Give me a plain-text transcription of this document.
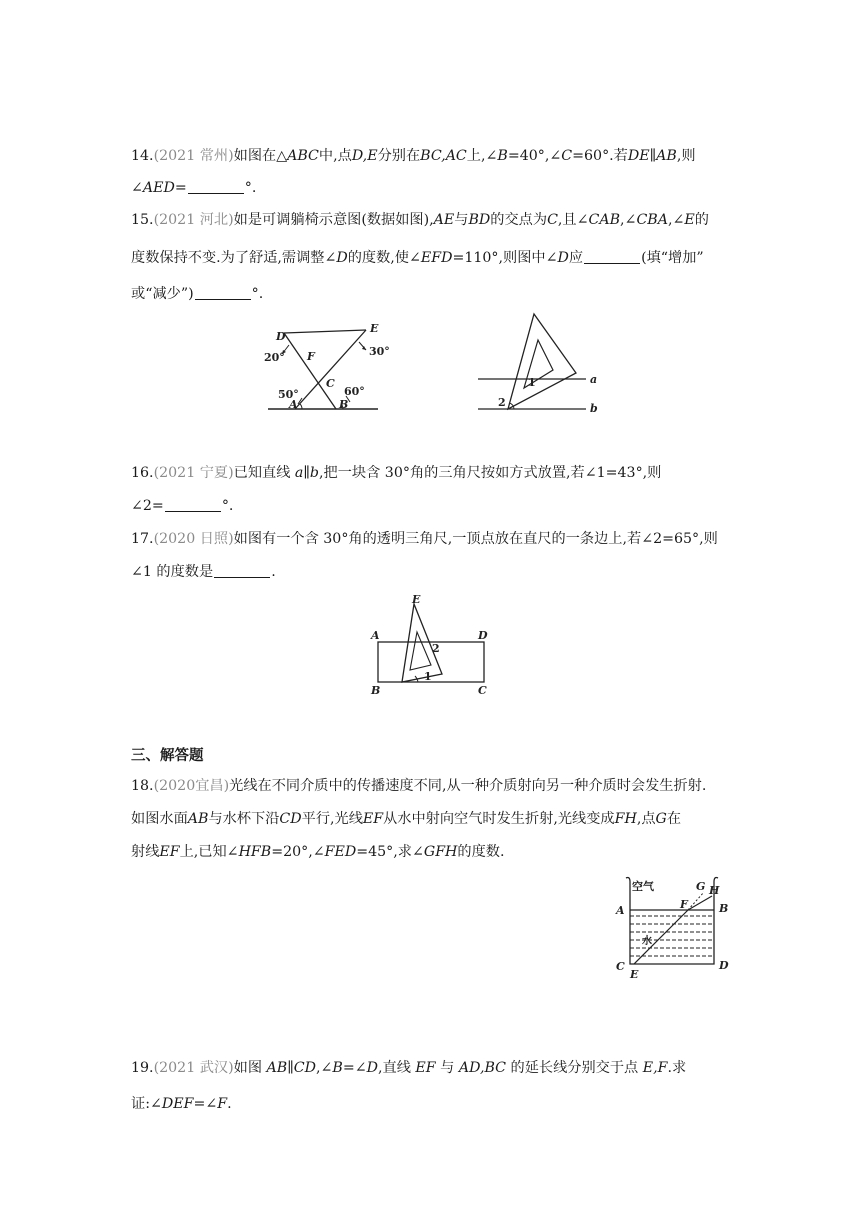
14.(2021 常州)如图在△ABC中,点D,E分别在BC,AC上,∠B=40°,∠C=60°.若DE∥AB,则
∠AED=	°.
15.(2021 河北)如是可调躺椅示意图(数据如图),AE与BD的交点为C,且∠CAB,∠CBA,∠E的
度数保持不变.为了舒适,需调整∠D的度数,使∠EFD=110°,则图中∠D应	(填“增加”
或“减少”)	°.
D
E
F
C
A	B
20°	30°
50°	60°
a
b
1
2
16.(2021 宁夏)已知直线 a∥b,把一块含 30°角的三角尺按如方式放置,若∠1=43°,则
∠2=	°.
17.(2020 日照)如图有一个含 30°角的透明三角尺,一顶点放在直尺的一条边上,若∠2=65°,则
∠1 的度数是	.
E
A	D
B	C
1
2
三、解答题
18.(2020宜昌)光线在不同介质中的传播速度不同,从一种介质射向另一种介质时会发生折射.
如图水面AB与水杯下沿CD平行,光线EF从水中射向空气时发生折射,光线变成FH,点G在
射线EF上,已知∠HFB=20°,∠FED=45°,求∠GFH的度数.
空气
水
A	B
C	D
E
F
G H
19.(2021 武汉)如图 AB∥CD,∠B=∠D,直线 EF 与 AD,BC 的延长线分别交于点 E,F.求
证:∠DEF=∠F.
